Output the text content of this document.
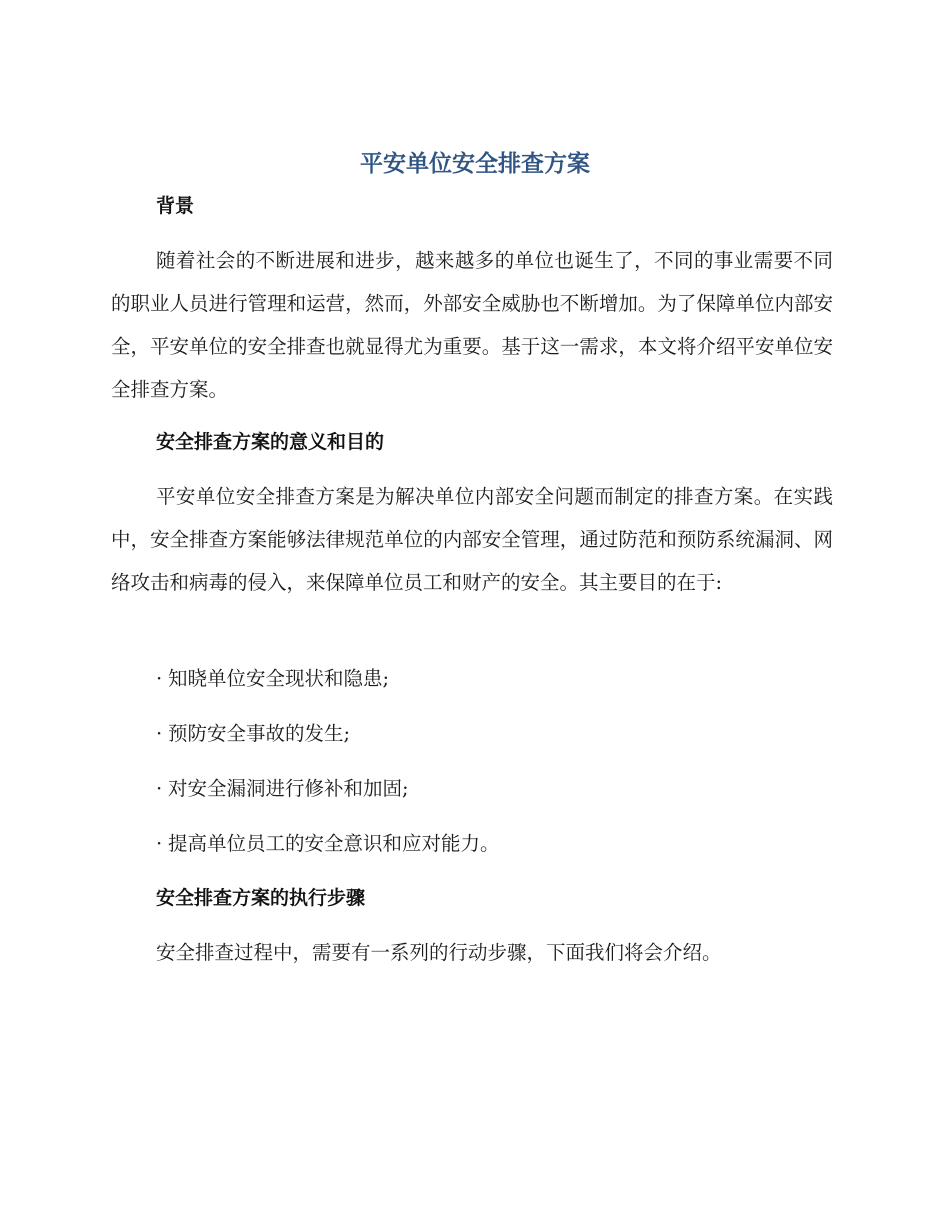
平安单位安全排查方案
背景

随着社会的不断进展和进步，越来越多的单位也诞生了，不同的事业需要不同的职业人员进行管理和运营，然而，外部安全威胁也不断增加。为了保障单位内部安全，平安单位的安全排查也就显得尤为重要。基于这一需求，本文将介绍平安单位安全排查方案。

安全排查方案的意义和目的

平安单位安全排查方案是为解决单位内部安全问题而制定的排查方案。在实践中，安全排查方案能够法律规范单位的内部安全管理，通过防范和预防系统漏洞、网络攻击和病毒的侵入，来保障单位员工和财产的安全。其主要目的在于:

· 知晓单位安全现状和隐患;
· 预防安全事故的发生;
· 对安全漏洞进行修补和加固;
· 提高单位员工的安全意识和应对能力。
安全排查方案的执行步骤

安全排查过程中，需要有一系列的行动步骤，下面我们将会介绍。
